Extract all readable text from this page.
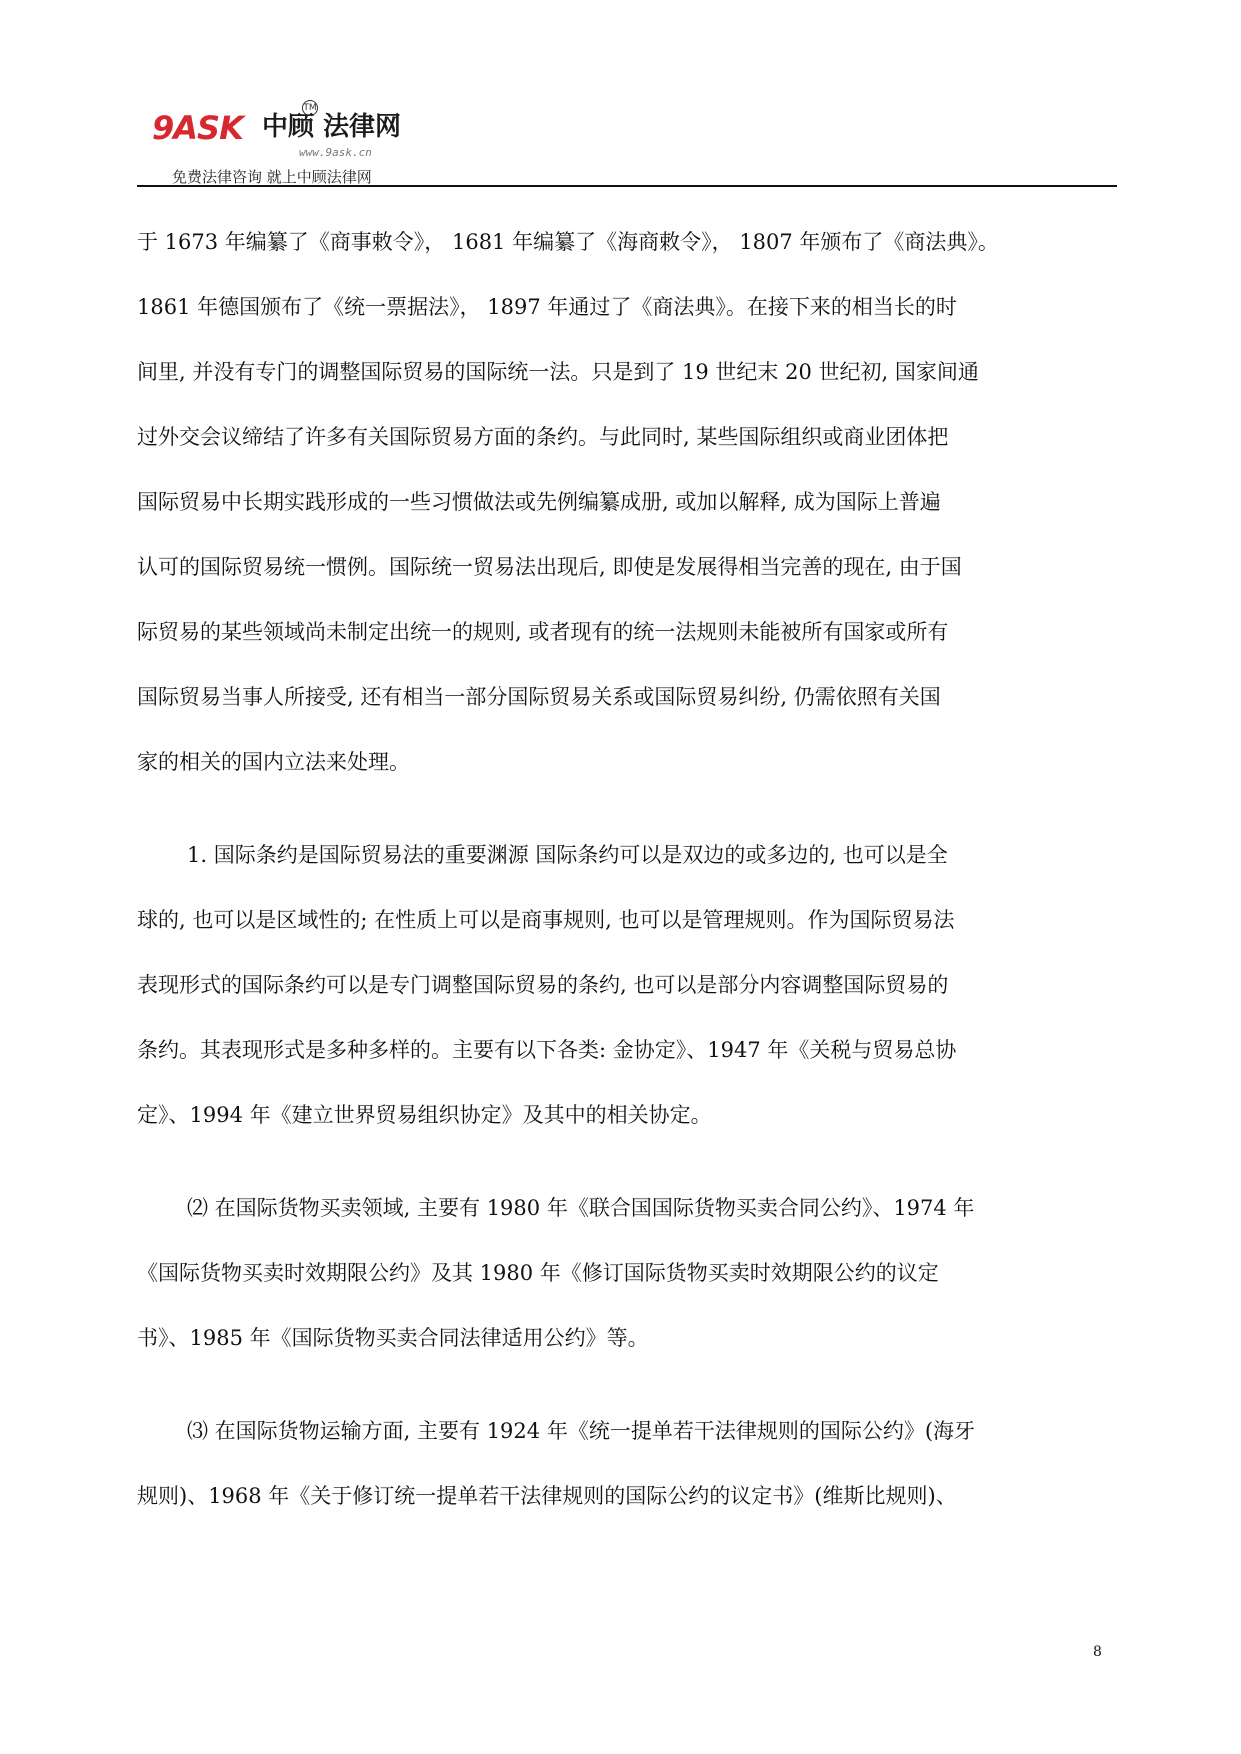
9ASK 中顾 法律网
TM
www.9ask.cn
免费法律咨询 就上中顾法律网
于 1673 年编纂了《商事敕令》， 1681 年编纂了《海商敕令》， 1807 年颁布了《商法典》。
1861 年德国颁布了《统一票据法》， 1897 年通过了《商法典》。在接下来的相当长的时
间里, 并没有专门的调整国际贸易的国际统一法。只是到了 19 世纪末 20 世纪初, 国家间通
过外交会议缔结了许多有关国际贸易方面的条约。与此同时, 某些国际组织或商业团体把
国际贸易中长期实践形成的一些习惯做法或先例编纂成册, 或加以解释, 成为国际上普遍
认可的国际贸易统一惯例。国际统一贸易法出现后, 即使是发展得相当完善的现在, 由于国
际贸易的某些领域尚未制定出统一的规则, 或者现有的统一法规则未能被所有国家或所有
国际贸易当事人所接受, 还有相当一部分国际贸易关系或国际贸易纠纷, 仍需依照有关国
家的相关的国内立法来处理。
1. 国际条约是国际贸易法的重要渊源 国际条约可以是双边的或多边的, 也可以是全
球的, 也可以是区域性的; 在性质上可以是商事规则, 也可以是管理规则。作为国际贸易法
表现形式的国际条约可以是专门调整国际贸易的条约, 也可以是部分内容调整国际贸易的
条约。其表现形式是多种多样的。主要有以下各类: 金协定》、1947 年《关税与贸易总协
定》、1994 年《建立世界贸易组织协定》及其中的相关协定。
⑵ 在国际货物买卖领域, 主要有 1980 年《联合国国际货物买卖合同公约》、1974 年
《国际货物买卖时效期限公约》及其 1980 年《修订国际货物买卖时效期限公约的议定
书》、1985 年《国际货物买卖合同法律适用公约》等。
⑶ 在国际货物运输方面, 主要有 1924 年《统一提单若干法律规则的国际公约》(海牙
规则)、1968 年《关于修订统一提单若干法律规则的国际公约的议定书》(维斯比规则)、
8
